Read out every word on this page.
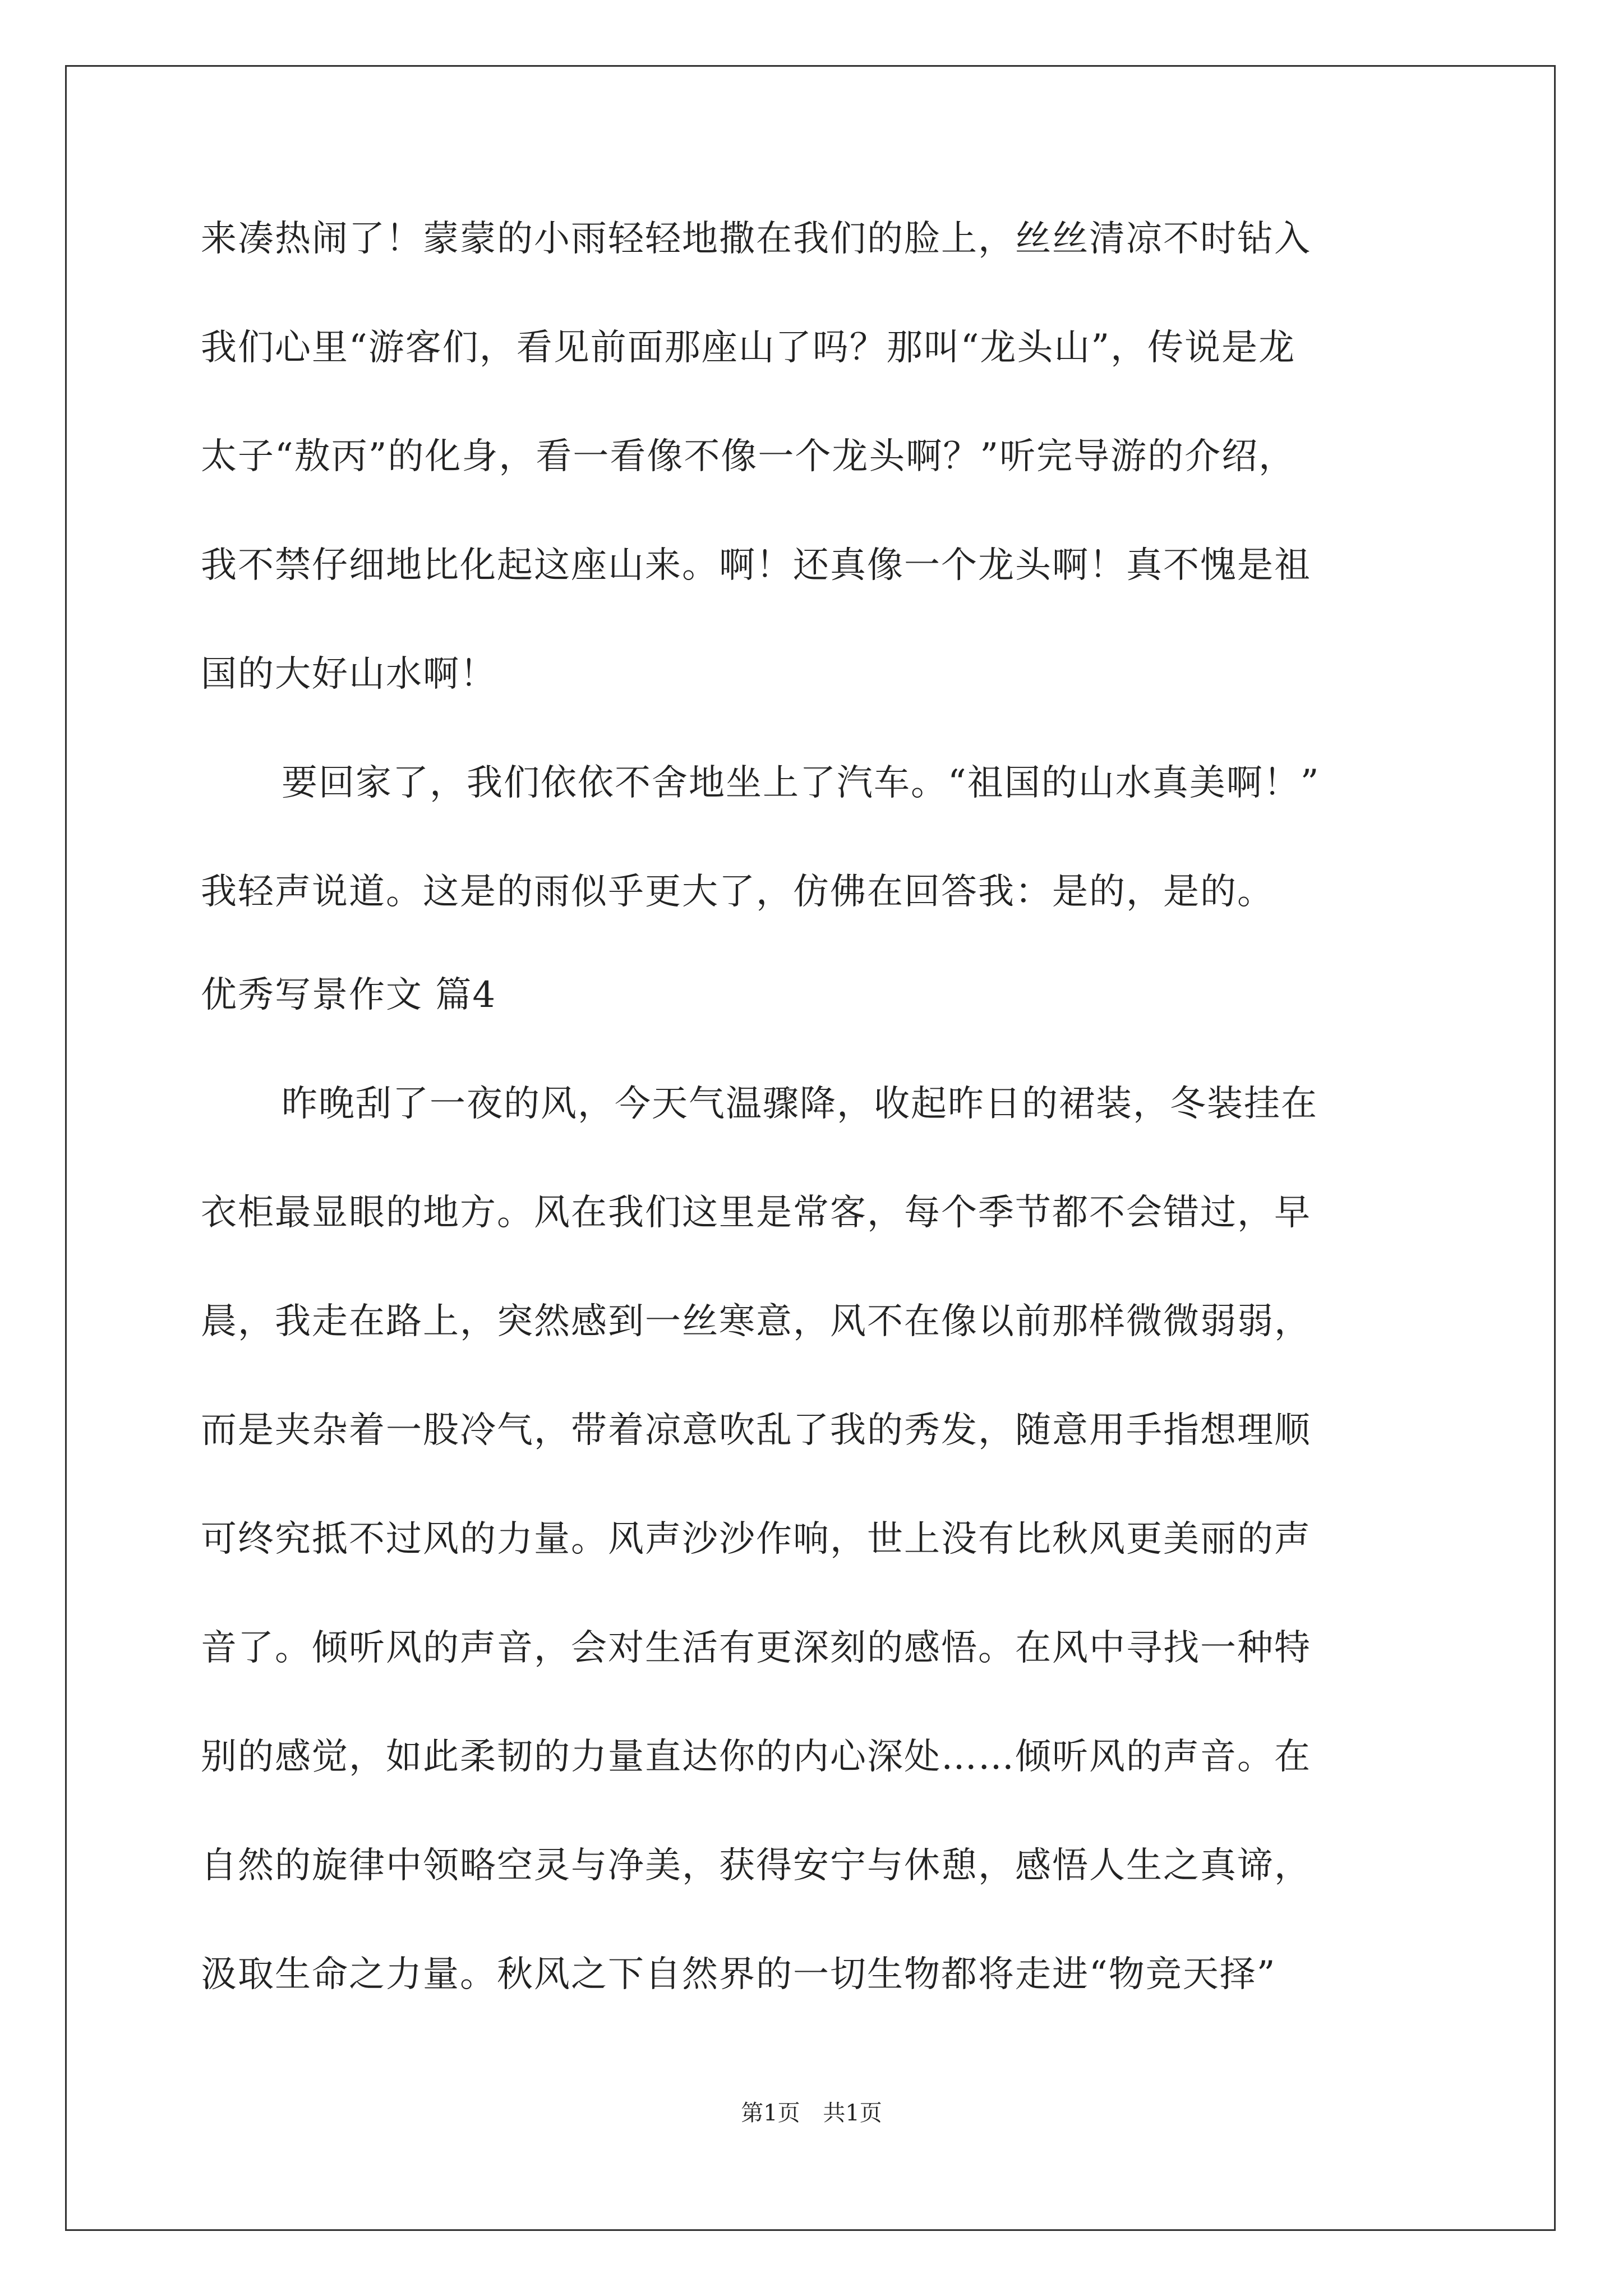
来凑热闹了！蒙蒙的小雨轻轻地撒在我们的脸上，丝丝清凉不时钻入
我们心里“游客们，看见前面那座山了吗？那叫“龙头山”，传说是龙
太子“敖丙”的化身，看一看像不像一个龙头啊？”听完导游的介绍，
我不禁仔细地比化起这座山来。啊！还真像一个龙头啊！真不愧是祖
国的大好山水啊！
要回家了，我们依依不舍地坐上了汽车。“祖国的山水真美啊！”
我轻声说道。这是的雨似乎更大了，仿佛在回答我：是的，是的。
优秀写景作文 篇4
昨晚刮了一夜的风，今天气温骤降，收起昨日的裙装，冬装挂在
衣柜最显眼的地方。风在我们这里是常客，每个季节都不会错过，早
晨，我走在路上，突然感到一丝寒意，风不在像以前那样微微弱弱，
而是夹杂着一股冷气，带着凉意吹乱了我的秀发，随意用手指想理顺
可终究抵不过风的力量。风声沙沙作响，世上没有比秋风更美丽的声
音了。倾听风的声音，会对生活有更深刻的感悟。在风中寻找一种特
别的感觉，如此柔韧的力量直达你的内心深处……倾听风的声音。在
自然的旋律中领略空灵与净美，获得安宁与休憩，感悟人生之真谛，
汲取生命之力量。秋风之下自然界的一切生物都将走进“物竞天择”
第1页 共1页
